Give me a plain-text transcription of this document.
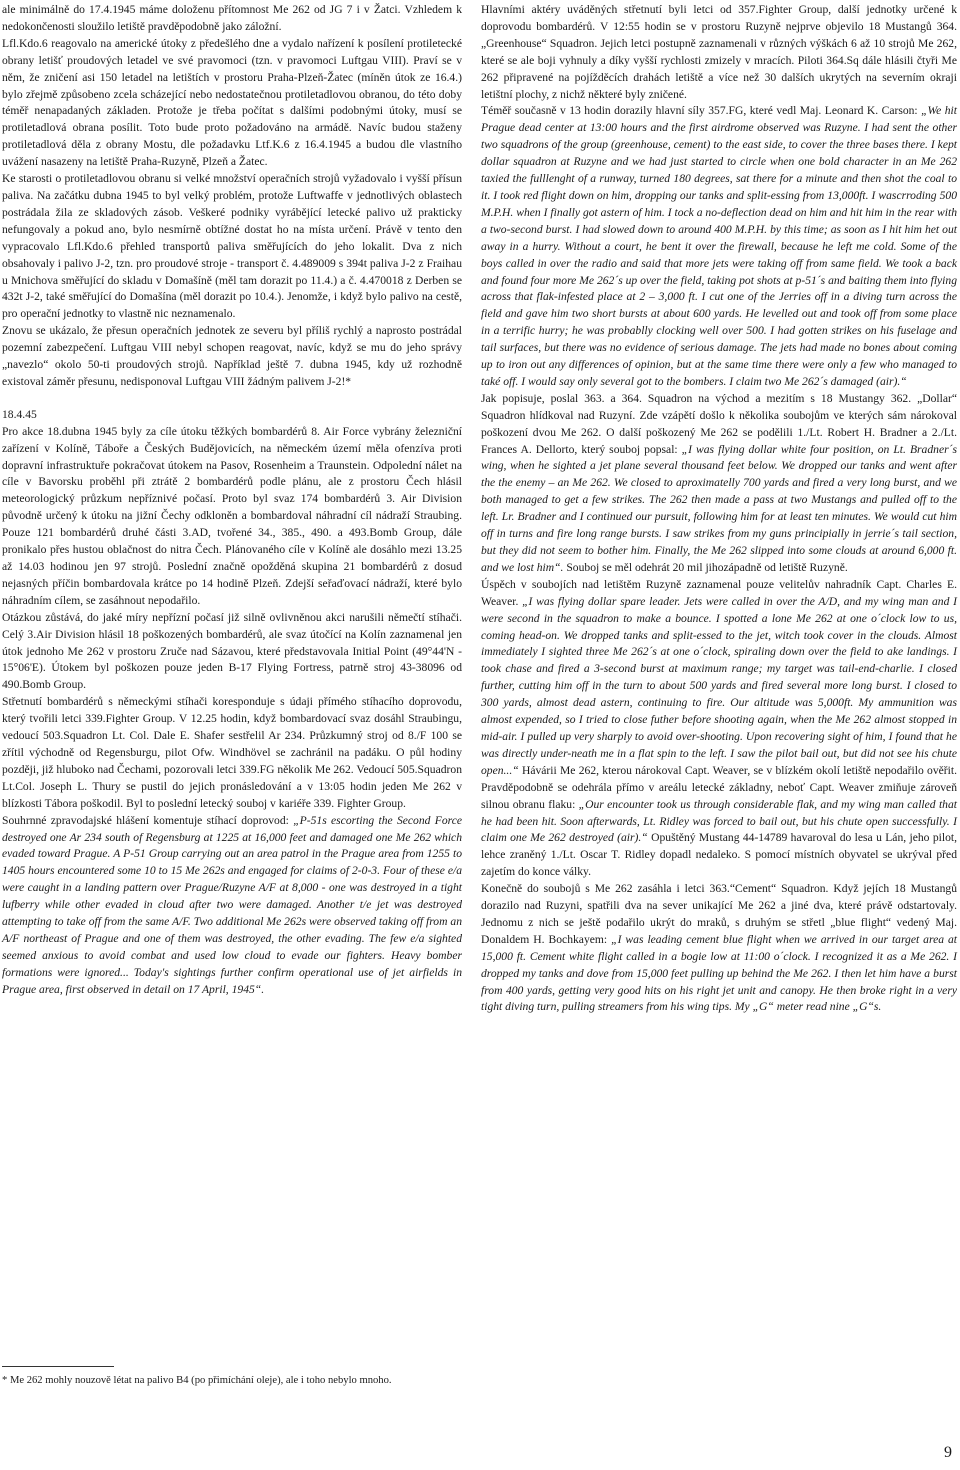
ale minimálně do 17.4.1945 máme doloženu přítomnost Me 262 od JG 7 i v Žatci. Vzhledem k nedokončenosti sloužilo letiště pravděpodobně jako záložní.

Lfl.Kdo.6 reagovalo na americké útoky z předešlého dne a vydalo nařízení k posílení protiletecké obrany letišť proudových letadel ve své pravomoci (tzn. v pravomoci Luftgau VIII). Praví se v něm, že zničení asi 150 letadel na letištích v prostoru Praha-Plzeň-Žatec (míněn útok ze 16.4.) bylo zřejmě způsobeno zcela scházející nebo nedostatečnou protiletadlovou obranou, do této doby téměř nenapadaných základen. Protože je třeba počítat s dalšími podobnými útoky, musí se protiletadlová obrana posílit. Toto bude proto požadováno na armádě. Navíc budou staženy protiletadlová děla z obrany Mostu, dle požadavku Ltf.K.6 z 16.4.1945 a budou dle vlastního uvážení nasazeny na letiště Praha-Ruzyně, Plzeň a Žatec.

Ke starosti o protiletadlovou obranu si velké množství operačních strojů vyžadovalo i vyšší přísun paliva. Na začátku dubna 1945 to byl velký problém, protože Luftwaffe v jednotlivých oblastech postrádala žila ze skladových zásob. Veškeré podniky vyrábějící letecké palivo už prakticky nefungovaly a pokud ano, bylo nesmírně obtížné dostat ho na místa určení. Právě v tento den vypracovalo Lfl.Kdo.6 přehled transportů paliva směřujících do jeho lokalit. Dva z nich obsahovaly i palivo J-2, tzn. pro proudové stroje - transport č. 4.489009 s 394t paliva J-2 z Fraihau u Mnichova směřující do skladu v Domašíně (měl tam dorazit po 11.4.) a č. 4.470018 z Derben se 432t J-2, také směřující do Domašína (měl dorazit po 10.4.). Jenomže, i když bylo palivo na cestě, pro operační jednotky to vlastně nic neznamenalo.

Znovu se ukázalo, že přesun operačních jednotek ze severu byl příliš rychlý a naprosto postrádal pozemní zabezpečení. Luftgau VIII nebyl schopen reagovat, navíc, když se mu do jeho správy „navezlo“ okolo 50-ti proudových strojů. Například ještě 7. dubna 1945, kdy už rozhodně existoval záměr přesunu, nedisponoval Luftgau VIII žádným palivem J-2!*

18.4.45

Pro akce 18.dubna 1945 byly za cíle útoku těžkých bombardérů 8. Air Force vybrány železniční zařízení v Kolíně, Táboře a Českých Budějovicích, na německém území měla ofenzíva proti dopravní infrastruktuře pokračovat útokem na Pasov, Rosenheim a Traunstein. Odpolední nálet na cíle v Bavorsku proběhl při ztrátě 2 bombardérů podle plánu, ale z prostoru Čech hlásil meteorologický průzkum nepříznivé počasí. Proto byl svaz 174 bombardérů 3. Air Division původně určený k útoku na jižní Čechy odkloněn a bombardoval náhradní cíl nádraží Straubing. Pouze 121 bombardérů druhé části 3.AD, tvořené 34., 385., 490. a 493.Bomb Group, dále pronikalo přes hustou oblačnost do nitra Čech. Plánovaného cíle v Kolíně ale dosáhlo mezi 13.25 až 14.03 hodinou jen 97 strojů. Poslední značně opožděná skupina 21 bombardérů z dosud nejasných příčin bombardovala krátce po 14 hodině Plzeň. Zdejší seřaďovací nádraží, které bylo náhradním cílem, se zasáhnout nepodařilo.

Otázkou zůstává, do jaké míry nepřízní počasí již silně ovlivněnou akci narušili němečtí stíhači. Celý 3.Air Division hlásil 18 poškozených bombardérů, ale svaz útočící na Kolín zaznamenal jen útok jednoho Me 262 v prostoru Zruče nad Sázavou, které představovala Initial Point (49°44'N - 15°06'E). Útokem byl poškozen pouze jeden B-17 Flying Fortress, patrně stroj 43-38096 od 490.Bomb Group.

Střetnutí bombardérů s německými stíhači koresponduje s údaji přímého stíhacího doprovodu, který tvořili letci 339.Fighter Group. V 12.25 hodin, když bombardovací svaz dosáhl Straubingu, vedoucí 503.Squadron Lt. Col. Dale E. Shafer sestřelil Ar 234. Průzkumný stroj od 8./F 100 se zřítil východně od Regensburgu, pilot Ofw. Windhövel se zachránil na padáku. O půl hodiny později, již hluboko nad Čechami, pozorovali letci 339.FG několik Me 262. Vedoucí 505.Squadron Lt.Col. Joseph L. Thury se pustil do jejich pronásledování a v 13:05 hodin jeden Me 262 v blízkosti Tábora poškodil. Byl to poslední letecký souboj v kariéře 339. Fighter Group.

Souhrnné zpravodajské hlášení komentuje stíhací doprovod: „P-51s escorting the Second Force destroyed one Ar 234 south of Regensburg at 1225 at 16,000 feet and damaged one Me 262 which evaded toward Prague. A P-51 Group carrying out an area patrol in the Prague area from 1255 to 1405 hours encountered some 10 to 15 Me 262s and engaged for claims of 2-0-3. Four of these e/a were caught in a landing pattern over Prague/Ruzyne A/F at 8,000 - one was destroyed in a tight lufberry while other evaded in cloud after two were damaged. Another t/e jet was destroyed attempting to take off from the same A/F. Two additional Me 262s were observed taking off from an A/F northeast of Prague and one of them was destroyed, the other evading. The few e/a sighted seemed anxious to avoid combat and used low cloud to evade our fighters. Heavy bomber formations were ignored... Today's sightings further confirm operational use of jet airfields in Prague area, first observed in detail on 17 April, 1945“.

* Me 262 mohly nouzově létat na palivo B4 (po přimíchání oleje), ale i toho nebylo mnoho.

Hlavními aktéry uváděných střetnutí byli letci od 357.Fighter Group, další jednotky určené k doprovodu bombardérů. V 12:55 hodin se v prostoru Ruzyně nejprve objevilo 18 Mustangů 364. „Greenhouse“ Squadron. Jejich letci postupně zaznamenali v různých výškách 6 až 10 strojů Me 262, které se ale boji vyhnuly a díky vyšší rychlosti zmizely v mracích. Piloti 364.Sq dále hlásili čtyři Me 262 připravené na pojížděcích drahách letiště a více než 30 dalších ukrytých na severním okraji letištní plochy, z nichž některé byly zničené.

Téměř současně v 13 hodin dorazily hlavní síly 357.FG, které vedl Maj. Leonard K. Carson: „We hit Prague dead center at 13:00 hours and the first airdrome observed was Ruzyne. I had sent the other two squadrons of the group (greenhouse, cement) to the east side, to cover the three bases there. I kept dollar squadron at Ruzyne and we had just started to circle when one bold character in an Me 262 taxied the fulllenght of a runway, turned 180 degrees, sat there for a minute and then shot the coal to it. I took red flight down on him, dropping our tanks and split-essing from 13,000ft. I wascrroding 500 M.P.H. when I finally got astern of him. I tock a no-deflection dead on him and hit him in the rear with a two-second burst. I had slowed down to around 400 M.P.H. by this time; as soon as I hit him het out away in a hurry. Without a court, he bent it over the firewall, because he left me cold. Some of the boys called in over the radio and said that more jets were taking off from same field. We took a back and found four more Me 262´s up over the field, taking pot shots at p-51´s and baiting them into flying across that flak-infested place at 2 – 3,000 ft. I cut one of the Jerries off in a diving turn across the field and gave him two short bursts at about 600 yards. He levelled out and took off from some place in a terrific hurry; he was probablly clocking well over 500. I had gotten strikes on his fuselage and tail surfaces, but there was no evidence of serious damage. The jets had made no bones about coming up to iron out any differences of opinion, but at the same time there were only a few who managed to také off. I would say only several got to the bombers. I claim two Me 262´s damaged (air).“

Jak popisuje, poslal 363. a 364. Squadron na východ a mezitím s 18 Mustangy 362. „Dollar“ Squadron hlídkoval nad Ruzyní. Zde vzápětí došlo k několika soubojům ve kterých sám nárokoval poškození dvou Me 262. O další poškozený Me 262 se podělili 1./Lt. Robert H. Bradner a 2./Lt. Frances A. Dellorto, který souboj popsal: „I was flying dollar white four position, on Lt. Bradner´s wing, when he sighted a jet plane several thousand feet below. We dropped our tanks and went after the the enemy – an Me 262. We closed to aproximatelly 700 yards and fired a very long burst, and we both managed to get a few strikes. The 262 then made a pass at two Mustangs and pulled off to the left. Lr. Bradner and I continued our pursuit, following him for at least ten minutes. We would cut him off in turns and fire long range bursts. I saw strikes from my guns principially in jerrie´s tail section, but they did not seem to bother him. Finally, the Me 262 slipped into some clouds at around 6,000 ft. and we lost him“. Souboj se měl odehrát 20 mil jihozápadně od letiště Ruzyně.

Úspěch v soubojích nad letištěm Ruzyně zaznamenal pouze velitelův nahradník Capt. Charles E. Weaver. „I was flying dollar spare leader. Jets were called in over the A/D, and my wing man and I were second in the squadron to make a bounce. I spotted a lone Me 262 at one o´clock low to us, coming head-on. We dropped tanks and split-essed to the jet, witch took cover in the clouds. Almost immediately I sighted three Me 262´s at one o´clock, spiraling down over the field to ake landings. I took chase and fired a 3-second burst at maximum range; my target was tail-end-charlie. I closed further, cutting him off in the turn to about 500 yards and fired several more long burst. I closed to 300 yards, almost dead astern, continuing to fire. Our altitude was 5,000ft. My ammunition was almost expended, so I tried to close futher before shooting again, when the Me 262 almost stopped in mid-air. I pulled up very sharply to avoid over-shooting. Upon recovering sight of him, I found that he was directly under-neath me in a flat spin to the left. I saw the pilot bail out, but did not see his chute open...“ Hávárii Me 262, kterou nárokoval Capt. Weaver, se v blízkém okolí letiště nepodařilo ověřit. Pravděpodobně se odehrála přímo v areálu letecké základny, neboť Capt. Weaver zmiňuje zároveň silnou obranu flaku: „Our encounter took us through considerable flak, and my wing man called that he had been hit. Soon afterwards, Lt. Ridley was forced to bail out, but his chute open successfully. I claim one Me 262 destroyed (air).“ Opuštěný Mustang 44-14789 havaroval do lesa u Lán, jeho pilot, lehce zraněný 1./Lt. Oscar T. Ridley dopadl nedaleko. S pomocí místních obyvatel se ukrýval před zajetím do konce války.

Konečně do soubojů s Me 262 zasáhla i letci 363.“Cement“ Squadron. Když jejích 18 Mustangů dorazilo nad Ruzyni, spatřili dva na sever unikající Me 262 a jiné dva, které právě odstartovaly. Jednomu z nich se ještě podařilo ukrýt do mraků, s druhým se střetl „blue flight“ vedený Maj. Donaldem H. Bochkayem: „I was leading cement blue flight when we arrived in our target area at 15,000 ft. Cement white flight called in a bogie low at 11:00 o´clock. I recognized it as a Me 262. I dropped my tanks and dove from 15,000 feet pulling up behind the Me 262. I then let him have a burst from 400 yards, getting very good hits on his right jet unit and canopy. He then broke right in a very tight diving turn, pulling streamers from his wing tips. My „G“ meter read nine „G“s.

9
